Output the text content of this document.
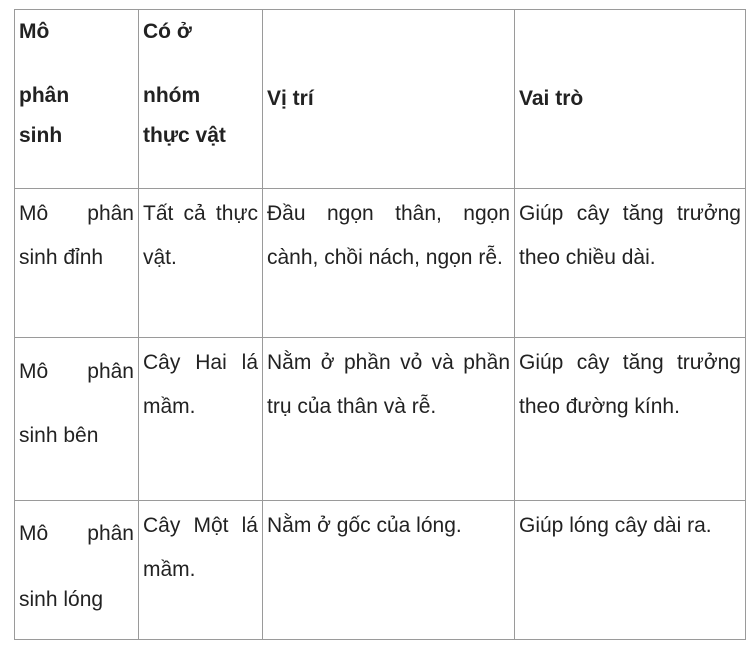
Mô
phân
sinh	Có ở
nhóm
thực vật	Vị trí	Vai trò

Mô phân sinh đỉnh	Tất cả thực vật.	Đầu ngọn thân, ngọn cành, chồi nách, ngọn rễ.	Giúp cây tăng trưởng theo chiều dài.

Mô phân sinh bên	Cây Hai lá mầm.	Nằm ở phần vỏ và phần trụ của thân và rễ.	Giúp cây tăng trưởng theo đường kính.

Mô phân sinh lóng	Cây Một lá mầm.	Nằm ở gốc của lóng.	Giúp lóng cây dài ra.
